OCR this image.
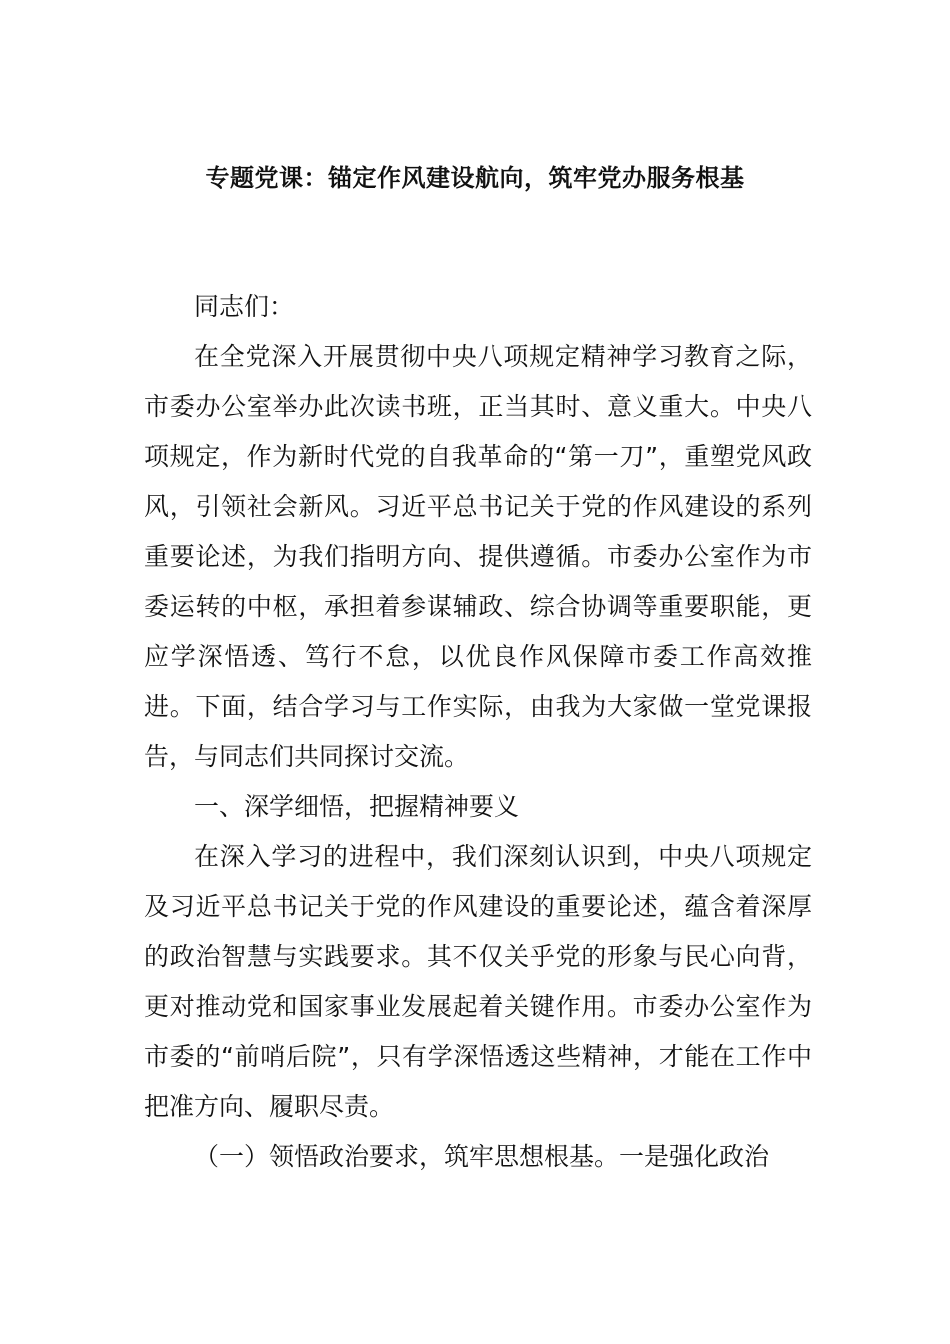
专题党课：锚定作风建设航向，筑牢党办服务根基

同志们：

在全党深入开展贯彻中央八项规定精神学习教育之际，市委办公室举办此次读书班，正当其时、意义重大。中央八项规定，作为新时代党的自我革命的“第一刀”，重塑党风政风，引领社会新风。习近平总书记关于党的作风建设的系列重要论述，为我们指明方向、提供遵循。市委办公室作为市委运转的中枢，承担着参谋辅政、综合协调等重要职能，更应学深悟透、笃行不怠，以优良作风保障市委工作高效推进。下面，结合学习与工作实际，由我为大家做一堂党课报告，与同志们共同探讨交流。

一、深学细悟，把握精神要义

在深入学习的进程中，我们深刻认识到，中央八项规定及习近平总书记关于党的作风建设的重要论述，蕴含着深厚的政治智慧与实践要求。其不仅关乎党的形象与民心向背，更对推动党和国家事业发展起着关键作用。市委办公室作为市委的“前哨后院”，只有学深悟透这些精神，才能在工作中把准方向、履职尽责。

（一）领悟政治要求，筑牢思想根基。一是强化政治
